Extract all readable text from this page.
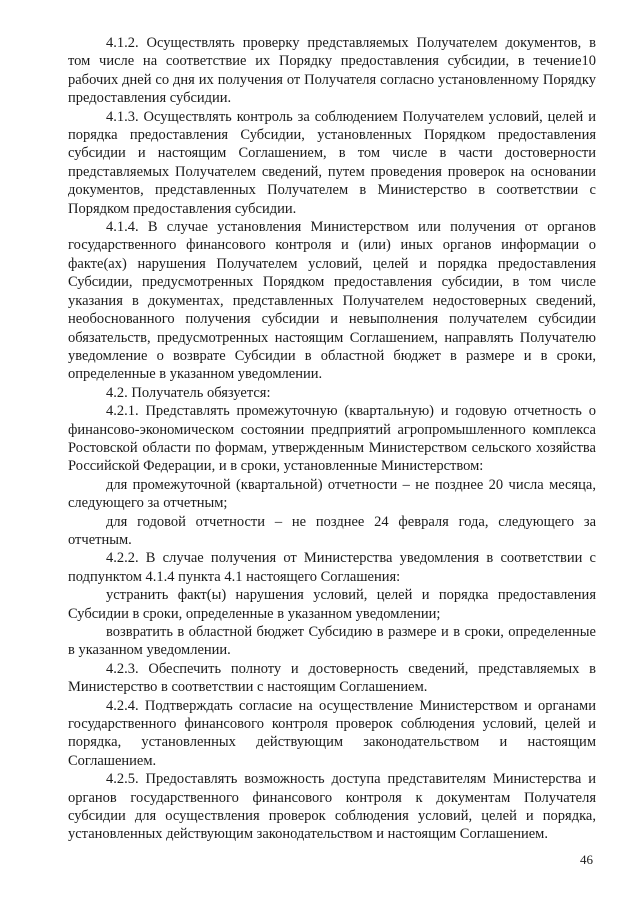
4.1.2. Осуществлять проверку представляемых Получателем документов, в том числе на соответствие их Порядку предоставления субсидии, в течение10 рабочих дней со дня их получения от Получателя согласно установленному Порядку предоставления субсидии.

4.1.3. Осуществлять контроль за соблюдением Получателем условий, целей и порядка предоставления Субсидии, установленных Порядком предоставления субсидии и настоящим Соглашением, в том числе в части достоверности представляемых Получателем сведений, путем проведения проверок на основании документов, представленных Получателем в Министерство в соответствии с Порядком предоставления субсидии.

4.1.4. В случае установления Министерством или получения от органов государственного финансового контроля и (или) иных органов информации о факте(ах) нарушения Получателем условий, целей и порядка предоставления Субсидии, предусмотренных Порядком предоставления субсидии, в том числе указания в документах, представленных Получателем недостоверных сведений, необоснованного получения субсидии и невыполнения получателем субсидии обязательств, предусмотренных настоящим Соглашением, направлять Получателю уведомление о возврате Субсидии в областной бюджет в размере и в сроки, определенные в указанном уведомлении.

4.2. Получатель обязуется:

4.2.1. Представлять промежуточную (квартальную) и годовую отчетность о финансово-экономическом состоянии предприятий агропромышленного комплекса Ростовской области по формам, утвержденным Министерством сельского хозяйства Российской Федерации, и в сроки, установленные Министерством:

для промежуточной (квартальной) отчетности – не позднее 20 числа месяца, следующего за отчетным;

для годовой отчетности – не позднее 24 февраля года, следующего за отчетным.

4.2.2. В случае получения от Министерства уведомления в соответствии с подпунктом 4.1.4 пункта 4.1 настоящего Соглашения:

устранить факт(ы) нарушения условий, целей и порядка предоставления Субсидии в сроки, определенные в указанном уведомлении;

возвратить в областной бюджет Субсидию в размере и в сроки, определенные в указанном уведомлении.

4.2.3. Обеспечить полноту и достоверность сведений, представляемых в Министерство в соответствии с настоящим Соглашением.

4.2.4. Подтверждать согласие на осуществление Министерством и органами государственного финансового контроля проверок соблюдения условий, целей и порядка, установленных действующим законодательством и настоящим Соглашением.

4.2.5. Предоставлять возможность доступа представителям Министерства и органов государственного финансового контроля к документам Получателя субсидии для осуществления проверок соблюдения условий, целей и порядка, установленных действующим законодательством и настоящим Соглашением.

46
